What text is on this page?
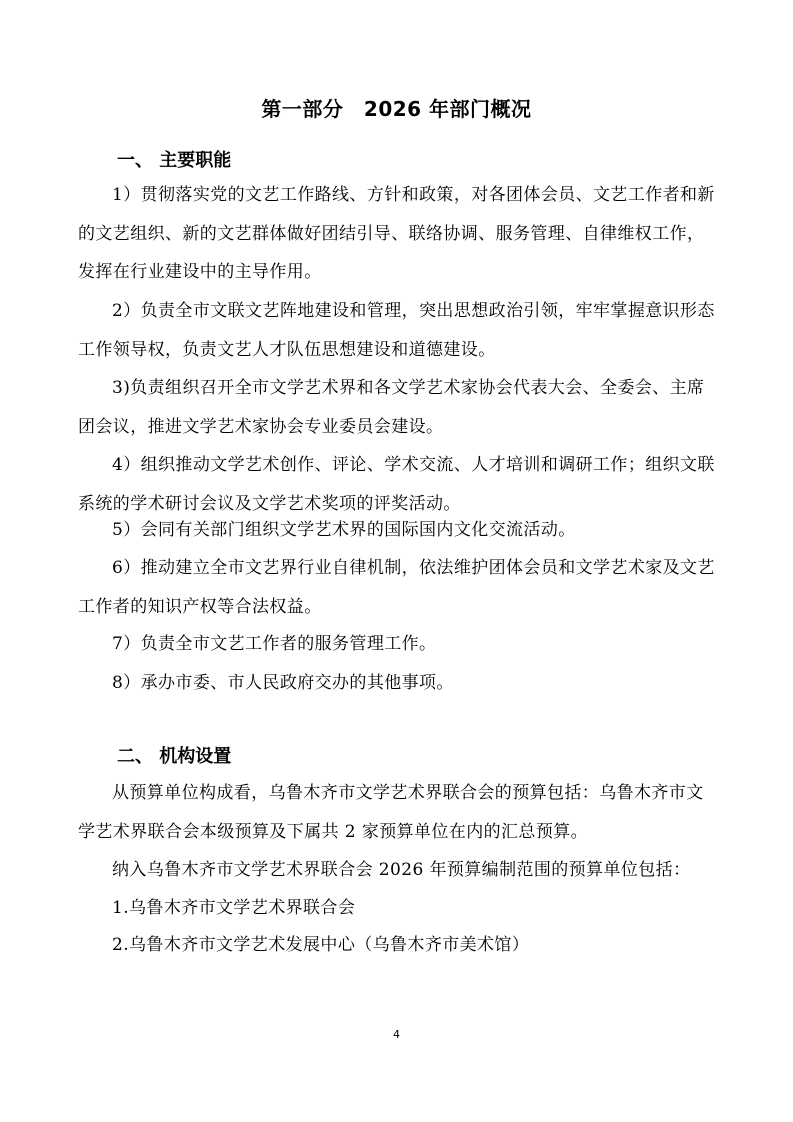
第一部分　2026 年部门概况
一、 主要职能
1）贯彻落实党的文艺工作路线、方针和政策，对各团体会员、文艺工作者和新的文艺组织、新的文艺群体做好团结引导、联络协调、服务管理、自律维权工作，发挥在行业建设中的主导作用。
2）负责全市文联文艺阵地建设和管理，突出思想政治引领，牢牢掌握意识形态工作领导权，负责文艺人才队伍思想建设和道德建设。
3)负责组织召开全市文学艺术界和各文学艺术家协会代表大会、全委会、主席团会议，推进文学艺术家协会专业委员会建设。
4）组织推动文学艺术创作、评论、学术交流、人才培训和调研工作；组织文联系统的学术研讨会议及文学艺术奖项的评奖活动。
5）会同有关部门组织文学艺术界的国际国内文化交流活动。
6）推动建立全市文艺界行业自律机制，依法维护团体会员和文学艺术家及文艺工作者的知识产权等合法权益。
7）负责全市文艺工作者的服务管理工作。
8）承办市委、市人民政府交办的其他事项。
二、 机构设置
从预算单位构成看，乌鲁木齐市文学艺术界联合会的预算包括：乌鲁木齐市文学艺术界联合会本级预算及下属共 2 家预算单位在内的汇总预算。
纳入乌鲁木齐市文学艺术界联合会 2026 年预算编制范围的预算单位包括：
1.乌鲁木齐市文学艺术界联合会
2.乌鲁木齐市文学艺术发展中心（乌鲁木齐市美术馆）
4
